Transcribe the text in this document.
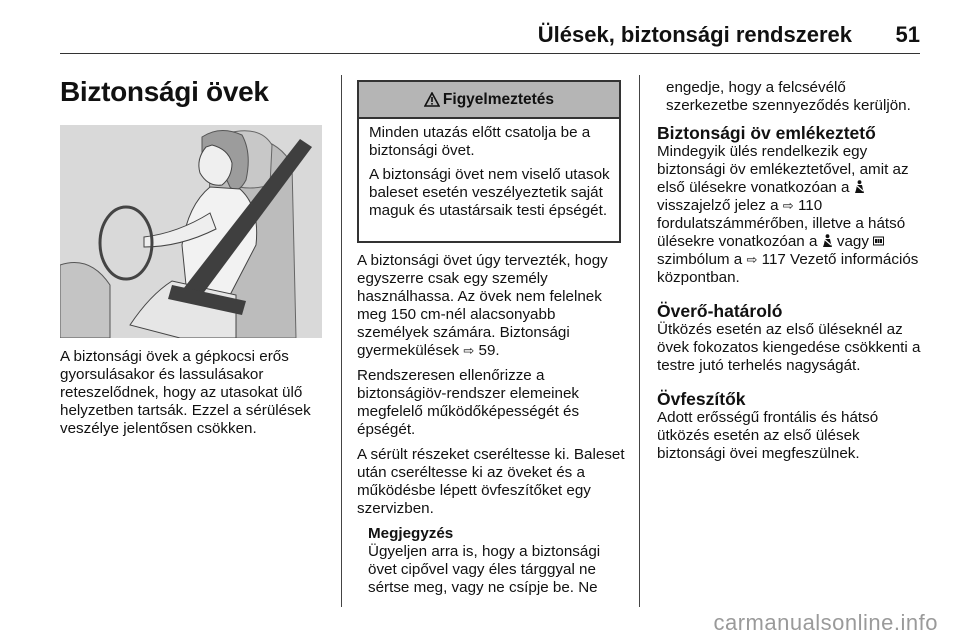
Ülések, biztonsági rendszerek 51
Biztonsági övek
A biztonsági övek a gépkocsi erős gyorsulásakor és lassulásakor reteszelődnek, hogy az utasokat ülő helyzetben tartsák. Ezzel a sérülések veszélye jelentősen csökken.
Figyelmeztetés

Minden utazás előtt csatolja be a biztonsági övet.

A biztonsági övet nem viselő utasok baleset esetén veszélyeztetik saját maguk és utastársaik testi épségét.

A biztonsági övet úgy tervezték, hogy egyszerre csak egy személy használhassa. Az övek nem felelnek meg 150 cm-nél alacsonyabb személyek számára. Biztonsági gyermekülések ⇨ 59.

Rendszeresen ellenőrizze a biztonságiöv-rendszer elemeinek megfelelő működőképességét és épségét.

A sérült részeket cseréltesse ki. Baleset után cseréltesse ki az öveket és a működésbe lépett övfeszítőket egy szervizben.

Megjegyzés
Ügyeljen arra is, hogy a biztonsági övet cipővel vagy éles tárggyal ne sértse meg, vagy ne csípje be. Ne
engedje, hogy a felcsévélő szerkezetbe szennyeződés kerüljön.
Biztonsági öv emlékeztető
Mindegyik ülés rendelkezik egy biztonsági öv emlékeztetővel, amit az első ülésekre vonatkozóan a  visszajelző jelez a ⇨ 110 fordulatszámmérőben, illetve a hátsó ülésekre vonatkozóan a vagy  szimbólum a ⇨ 117 Vezető információs központban.
Överő-határoló
Ütközés esetén az első üléseknél az övek fokozatos kiengedése csökkenti a testre jutó terhelés nagyságát.
Övfeszítők
Adott erősségű frontális és hátsó ütközés esetén az első ülések biztonsági övei megfeszülnek.
carmanualsonline.info
